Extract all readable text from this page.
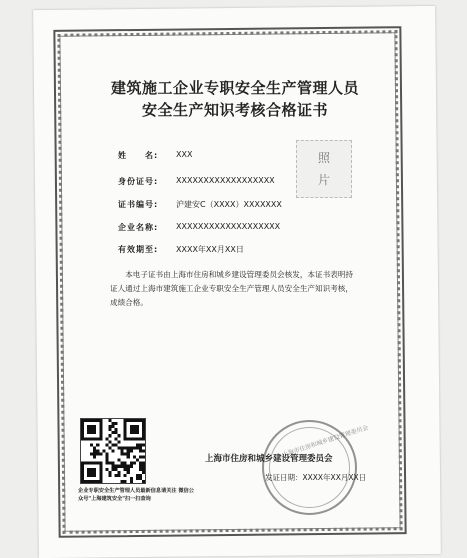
建筑施工企业专职安全生产管理人员
安全生产知识考核合格证书
姓　　名:	XXX
身份证号:	XXXXXXXXXXXXXXXXXX
证书编号:	沪建安C（XXXX）XXXXXXX
企业名称:	XXXXXXXXXXXXXXXXXXX
有效期至:	XXXX年XX月XX日
照
片
本电子证书由上海市住房和城乡建设管理委员会核发，本证书表明持证人通过上海市建筑施工企业专职安全生产管理人员安全生产知识考核，成绩合格。
企业专职安全生产管理人员最新信息请关注 微信公众号"上海建筑安全"扫一扫查询
上海市住房和城乡建设管理委员会
上海市住房和城乡建设管理委员会
发证日期：XXXX年XX月XX日
